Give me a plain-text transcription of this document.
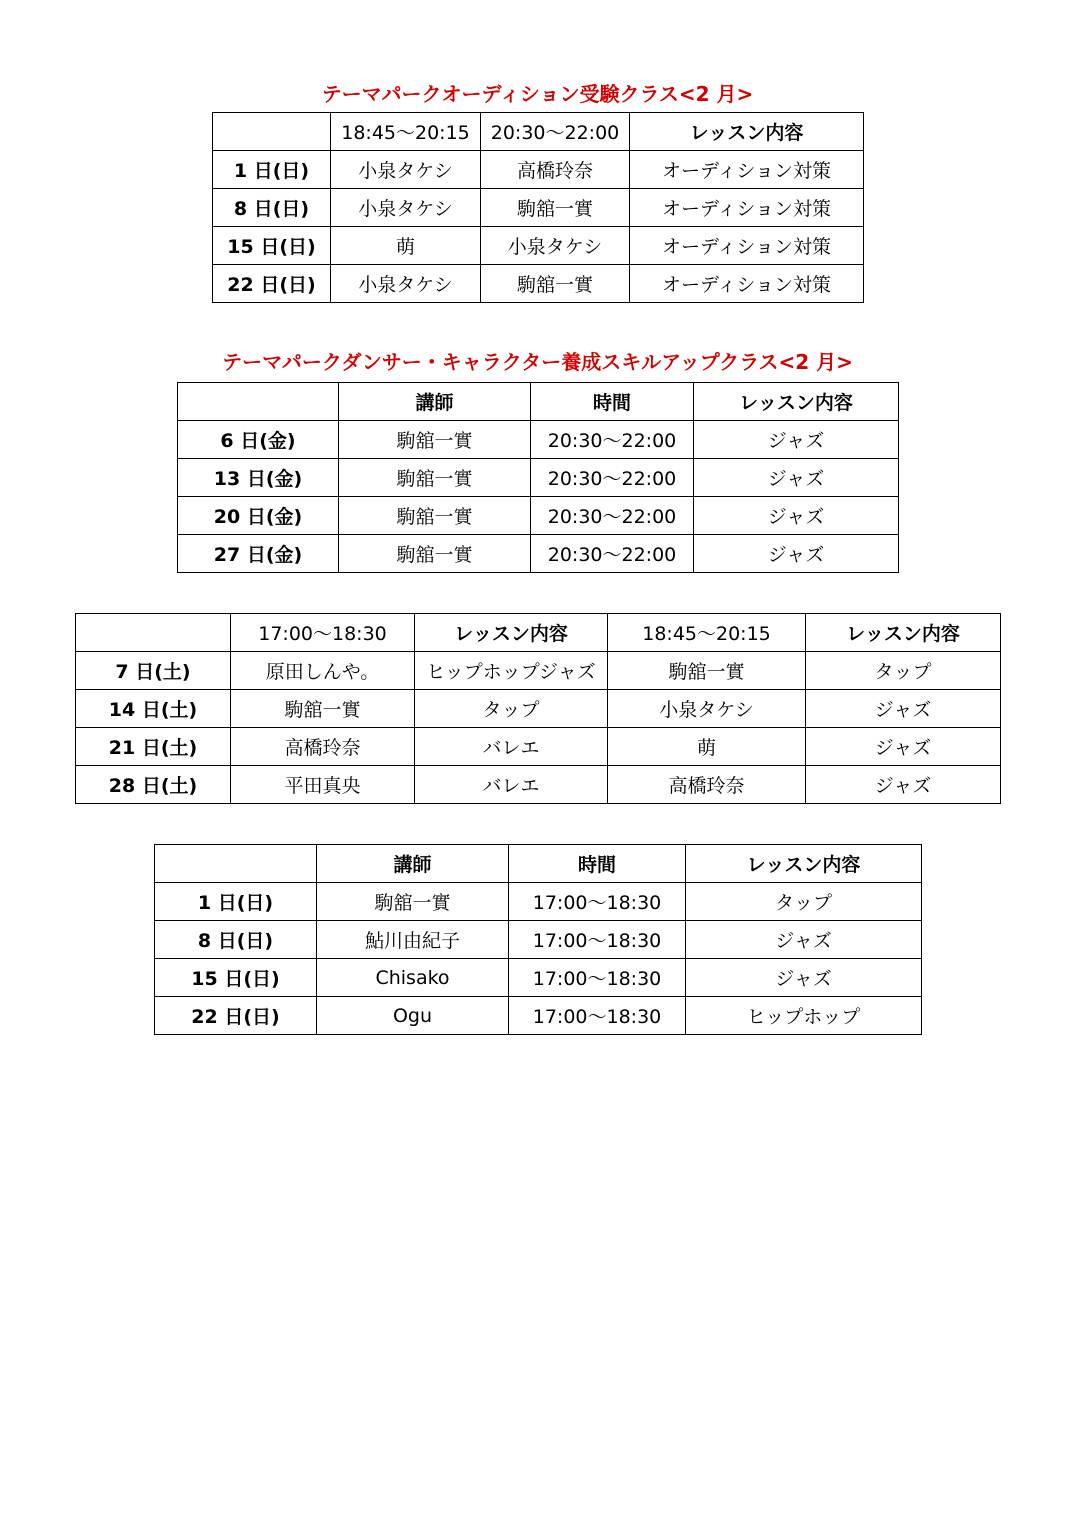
テーマパークオーディション受験クラス<2 月>
	18:45～20:15	20:30～22:00	レッスン内容
1 日(日)	小泉タケシ	高橋玲奈	オーディション対策
8 日(日)	小泉タケシ	駒舘一實	オーディション対策
15 日(日)	萌	小泉タケシ	オーディション対策
22 日(日)	小泉タケシ	駒舘一實	オーディション対策
テーマパークダンサー・キャラクター養成スキルアップクラス<2 月>
	講師	時間	レッスン内容
6 日(金)	駒舘一實	20:30～22:00	ジャズ
13 日(金)	駒舘一實	20:30～22:00	ジャズ
20 日(金)	駒舘一實	20:30～22:00	ジャズ
27 日(金)	駒舘一實	20:30～22:00	ジャズ
	17:00～18:30	レッスン内容	18:45～20:15	レッスン内容
7 日(土)	原田しんや。	ヒップホップジャズ	駒舘一實	タップ
14 日(土)	駒舘一實	タップ	小泉タケシ	ジャズ
21 日(土)	高橋玲奈	バレエ	萌	ジャズ
28 日(土)	平田真央	バレエ	高橋玲奈	ジャズ
	講師	時間	レッスン内容
1 日(日)	駒舘一實	17:00～18:30	タップ
8 日(日)	鮎川由紀子	17:00～18:30	ジャズ
15 日(日)	Chisako	17:00～18:30	ジャズ
22 日(日)	Ogu	17:00～18:30	ヒップホップ
